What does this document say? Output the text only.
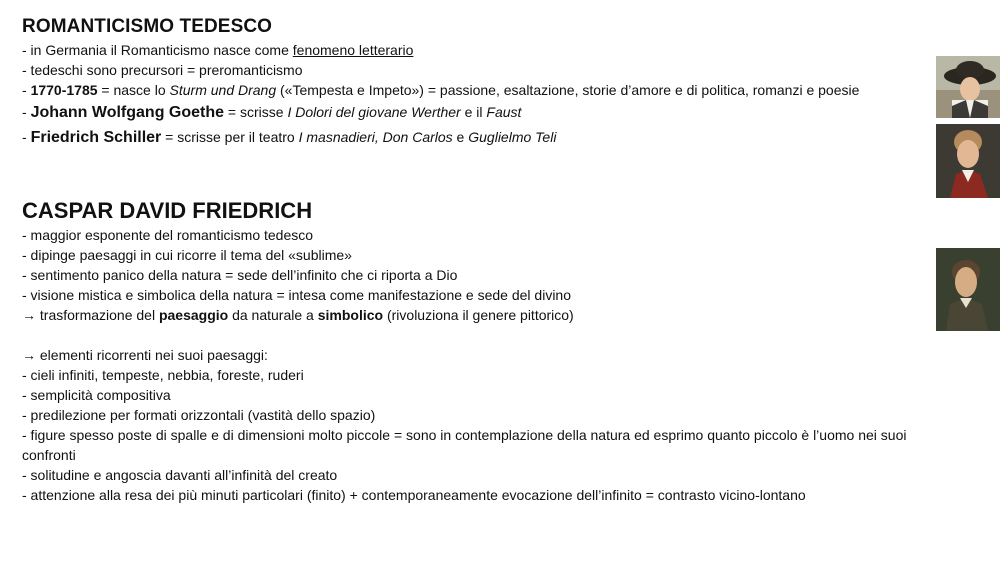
ROMANTICISMO TEDESCO
- in Germania il Romanticismo nasce come fenomeno letterario
- tedeschi sono precursori = preromanticismo
- 1770-1785 = nasce lo Sturm und Drang («Tempesta e Impeto») = passione, esaltazione, storie d’amore e di politica, romanzi e poesie
- Johann Wolfgang Goethe = scrisse I Dolori del giovane Werther e il Faust
- Friedrich Schiller = scrisse per il teatro I masnadieri, Don Carlos e Guglielmo Teli
CASPAR DAVID FRIEDRICH
- maggior esponente del romanticismo tedesco
- dipinge paesaggi in cui ricorre il tema del «sublime»
- sentimento panico della natura = sede dell’infinito che ci riporta a Dio
- visione mistica e simbolica della natura = intesa come manifestazione e sede del divino
→ trasformazione del paesaggio da naturale a simbolico (rivoluziona il genere pittorico)
→ elementi ricorrenti nei suoi paesaggi:
- cieli infiniti, tempeste, nebbia, foreste, ruderi
- semplicità compositiva
- predilezione per formati orizzontali (vastità dello spazio)
- figure spesso poste di spalle e di dimensioni molto piccole = sono in contemplazione della natura ed esprimo quanto piccolo è l’uomo nei suoi confronti
- solitudine e angoscia davanti all’infinità del creato
- attenzione alla resa dei più minuti particolari (finito) + contemporaneamente evocazione dell’infinito = contrasto vicino-lontano
